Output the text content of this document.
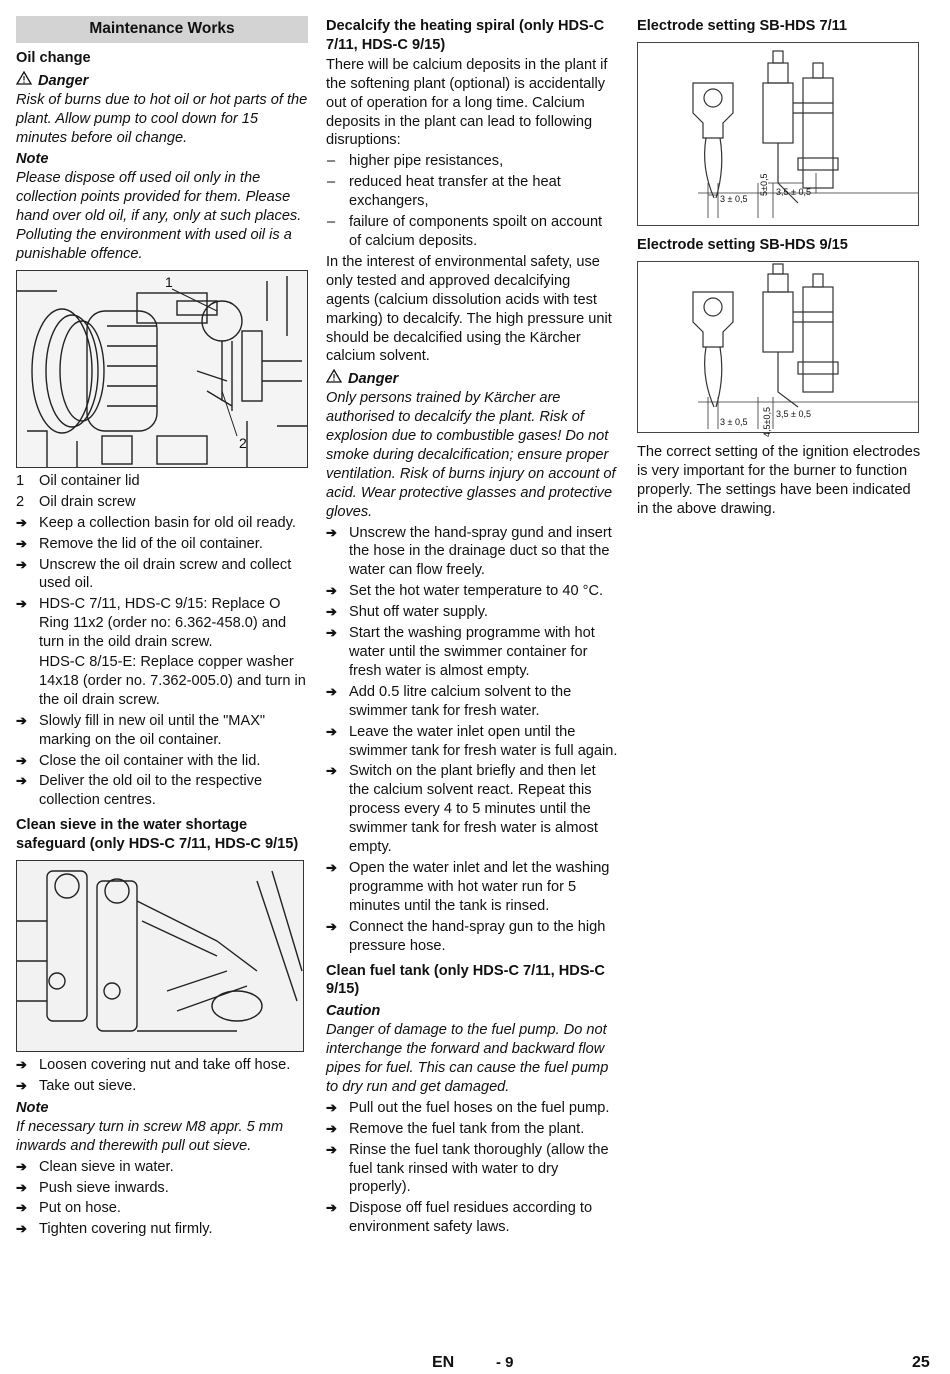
Maintenance Works
Oil change
Danger

Risk of burns due to hot oil or hot parts of the plant. Allow pump to cool down for 15 minutes before oil change.

Note

Please dispose off used oil only in the collection points provided for them. Please hand over old oil, if any, only at such places. Polluting the environment with used oil is a punishable offence.

1
2
1 Oil container lid
2 Oil drain screw
➔ Keep a collection basin for old oil ready.
➔ Remove the lid of the oil container.
➔ Unscrew the oil drain screw and collect used oil.
➔ HDS-C 7/11, HDS-C 9/15: Replace O Ring 11x2 (order no: 6.362-458.0) and turn in the oild drain screw.

HDS-C 8/15-E: Replace copper washer 14x18 (order no. 7.362-005.0) and turn in the oil drain screw.

➔ Slowly fill in new oil until the "MAX" marking on the oil container.
➔ Close the oil container with the lid.
➔ Deliver the old oil to the respective collection centres.
Clean sieve in the water shortage safeguard (only HDS-C 7/11, HDS-C 9/15)
➔ Loosen covering nut and take off hose.
➔ Take out sieve.
Note

If necessary turn in screw M8 appr. 5 mm inwards and therewith pull out sieve.

➔ Clean sieve in water.
➔ Push sieve inwards.
➔ Put on hose.
➔ Tighten covering nut firmly.
Decalcify the heating spiral (only HDS-C 7/11, HDS-C 9/15)

There will be calcium deposits in the plant if the softening plant (optional) is accidentally out of operation for a long time. Calcium deposits in the plant can lead to following disruptions:

– higher pipe resistances,
– reduced heat transfer at the heat exchangers,
– failure of components spoilt on account of calcium deposits.

In the interest of environmental safety, use only tested and approved decalcifying agents (calcium dissolution acids with test marking) to decalcify. The high pressure unit should be decalcified using the Kärcher calcium solvent.

Danger

Only persons trained by Kärcher are authorised to decalcify the plant. Risk of explosion due to combustible gases! Do not smoke during decalcification; ensure proper ventilation. Risk of burns injury on account of acid. Wear protective glasses and protective gloves.

➔ Unscrew the hand-spray gund and insert the hose in the drainage duct so that the water can flow freely.
➔ Set the hot water temperature to 40 °C.
➔ Shut off water supply.
➔ Start the washing programme with hot water until the swimmer container for fresh water is almost empty.
➔ Add 0.5 litre calcium solvent to the swimmer tank for fresh water.
➔ Leave the water inlet open until the swimmer tank for fresh water is full again.
➔ Switch on the plant briefly and then let the calcium solvent react. Repeat this process every 4 to 5 minutes until the swimmer tank for fresh water is almost empty.
➔ Open the water inlet and let the washing programme with hot water run for 5 minutes until the tank is rinsed.
➔ Connect the hand-spray gun to the high pressure hose.
Clean fuel tank (only HDS-C 7/11, HDS-C 9/15)
Caution

Danger of damage to the fuel pump. Do not interchange the forward and backward flow pipes for fuel. This can cause the fuel pump to dry run and get damaged.

➔ Pull out the fuel hoses on the fuel pump.
➔ Remove the fuel tank from the plant.
➔ Rinse the fuel tank thoroughly (allow the fuel tank rinsed with water to dry properly).
➔ Dispose off fuel residues according to environment safety laws.
Electrode setting SB-HDS 7/11
Electrode setting SB-HDS 9/15

The correct setting of the ignition electrodes is very important for the burner to function properly. The settings have been indicated in the above drawing.

3 ± 0,5
5±0,5 3,5 ± 0,5
3 ± 0,5	4,5±0,5 3,5 ± 0,5
EN	- 9	25
